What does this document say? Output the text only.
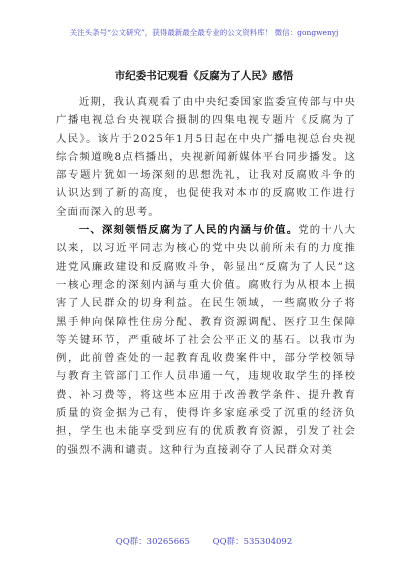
关注头条号“公文研究”，获得最新最全最专业的公文资料库！ 微信：gongwenyj
市纪委书记观看《反腐为了人民》感悟

近期，我认真观看了由中央纪委国家监委宣传部与中央广播电视总台央视联合摄制的四集电视专题片《反腐为了人民》。该片于2025年1月5日起在中央广播电视总台央视综合频道晚8点档播出，央视新闻新媒体平台同步播发。这部专题片犹如一场深刻的思想洗礼，让我对反腐败斗争的认识达到了新的高度，也促使我对本市的反腐败工作进行全面而深入的思考。

一、深刻领悟反腐为了人民的内涵与价值。党的十八大以来，以习近平同志为核心的党中央以前所未有的力度推进党风廉政建设和反腐败斗争，彰显出“反腐为了人民”这一核心理念的深刻内涵与重大价值。腐败行为从根本上损害了人民群众的切身利益。在民生领域，一些腐败分子将黑手伸向保障性住房分配、教育资源调配、医疗卫生保障等关键环节，严重破坏了社会公平正义的基石。以我市为例，此前曾查处的一起教育乱收费案件中，部分学校领导与教育主管部门工作人员串通一气，违规收取学生的择校费、补习费等，将这些本应用于改善教学条件、提升教育质量的资金据为己有，使得许多家庭承受了沉重的经济负担，学生也未能享受到应有的优质教育资源，引发了社会的强烈不满和谴责。这种行为直接剥夺了人民群众对美

QQ群：30265665	QQ群：535304092
